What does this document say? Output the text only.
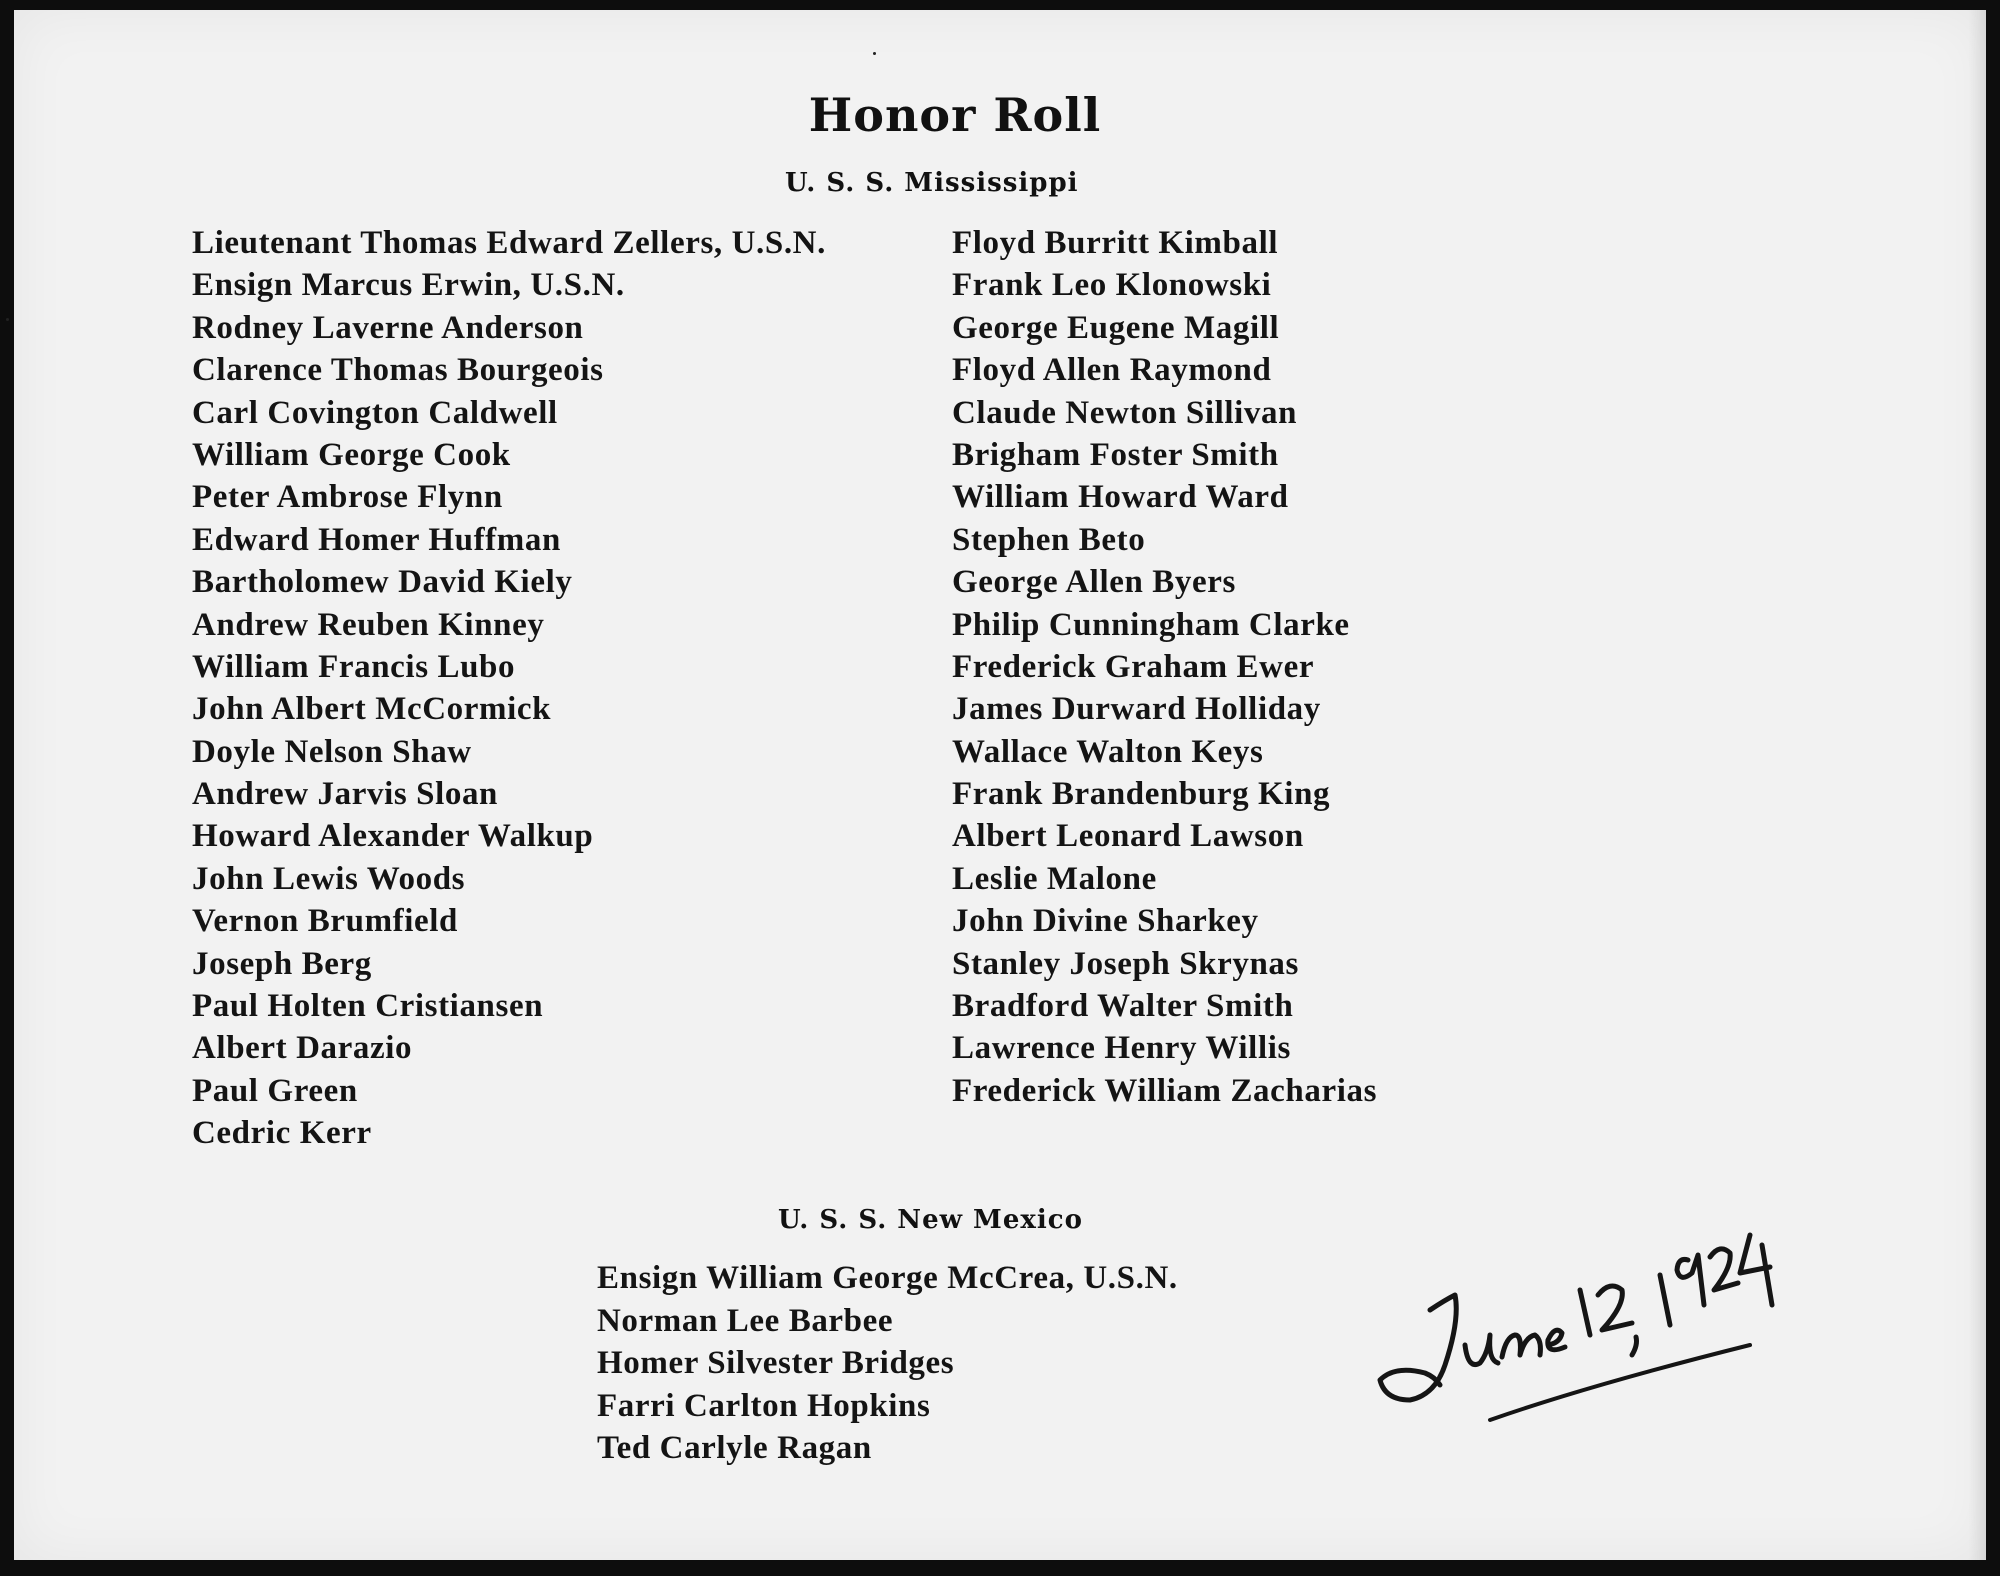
Honor Roll
U. S. S. Mississippi
Lieutenant Thomas Edward Zellers, U.S.N.
Ensign Marcus Erwin, U.S.N.
Rodney Laverne Anderson
Clarence Thomas Bourgeois
Carl Covington Caldwell
William George Cook
Peter Ambrose Flynn
Edward Homer Huffman
Bartholomew David Kiely
Andrew Reuben Kinney
William Francis Lubo
John Albert McCormick
Doyle Nelson Shaw
Andrew Jarvis Sloan
Howard Alexander Walkup
John Lewis Woods
Vernon Brumfield
Joseph Berg
Paul Holten Cristiansen
Albert Darazio
Paul Green
Cedric Kerr
Floyd Burritt Kimball
Frank Leo Klonowski
George Eugene Magill
Floyd Allen Raymond
Claude Newton Sillivan
Brigham Foster Smith
William Howard Ward
Stephen Beto
George Allen Byers
Philip Cunningham Clarke
Frederick Graham Ewer
James Durward Holliday
Wallace Walton Keys
Frank Brandenburg King
Albert Leonard Lawson
Leslie Malone
John Divine Sharkey
Stanley Joseph Skrynas
Bradford Walter Smith
Lawrence Henry Willis
Frederick William Zacharias
U. S. S. New Mexico
Ensign William George McCrea, U.S.N.
Norman Lee Barbee
Homer Silvester Bridges
Farri Carlton Hopkins
Ted Carlyle Ragan
